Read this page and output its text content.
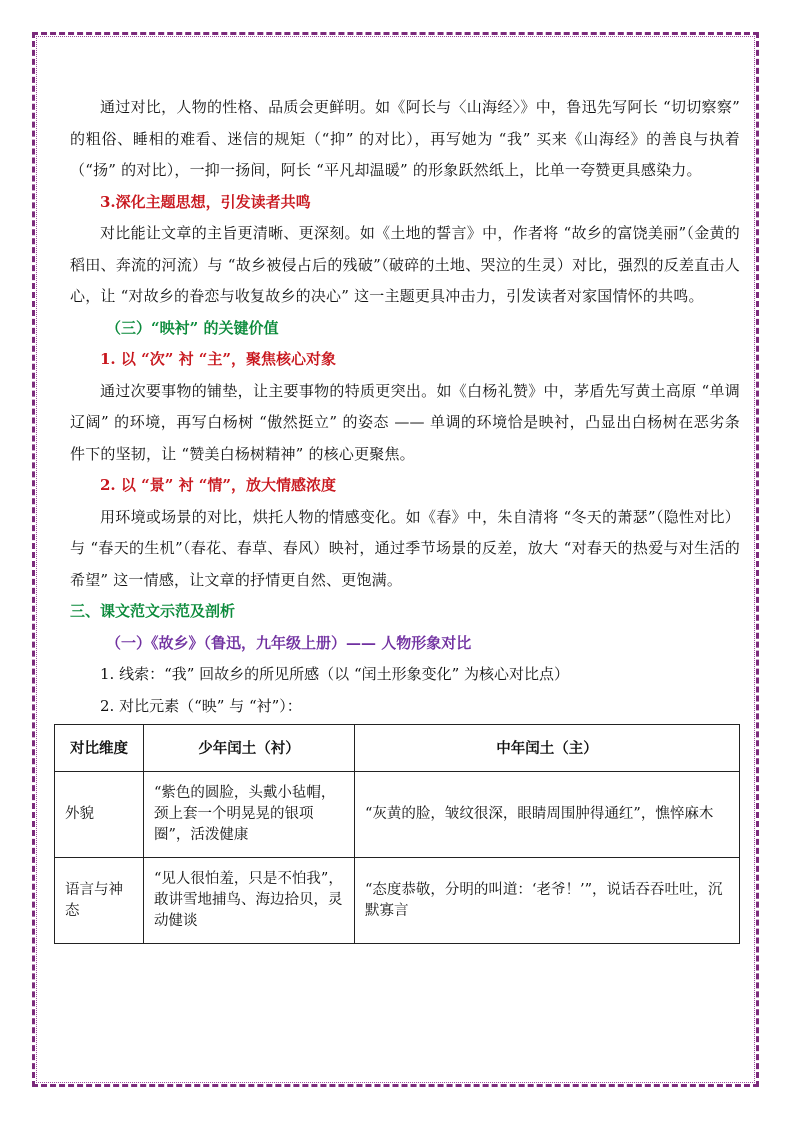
通过对比，人物的性格、品质会更鲜明。如《阿长与〈山海经〉》中，鲁迅先写阿长 “切切察察” 的粗俗、睡相的难看、迷信的规矩（“抑” 的对比），再写她为 “我” 买来《山海经》的善良与执着（“扬” 的对比），一抑一扬间，阿长 “平凡却温暖” 的形象跃然纸上，比单一夸赞更具感染力。

3.深化主题思想，引发读者共鸣

对比能让文章的主旨更清晰、更深刻。如《土地的誓言》中，作者将 “故乡的富饶美丽”（金黄的稻田、奔流的河流）与 “故乡被侵占后的残破”（破碎的土地、哭泣的生灵）对比，强烈的反差直击人心，让 “对故乡的眷恋与收复故乡的决心” 这一主题更具冲击力，引发读者对家国情怀的共鸣。

（三）“映衬” 的关键价值

1. 以 “次” 衬 “主”，聚焦核心对象

通过次要事物的铺垫，让主要事物的特质更突出。如《白杨礼赞》中，茅盾先写黄土高原 “单调辽阔” 的环境，再写白杨树 “傲然挺立” 的姿态 —— 单调的环境恰是映衬，凸显出白杨树在恶劣条件下的坚韧，让 “赞美白杨树精神” 的核心更聚焦。

2. 以 “景” 衬 “情”，放大情感浓度

用环境或场景的对比，烘托人物的情感变化。如《春》中，朱自清将 “冬天的萧瑟”（隐性对比）与 “春天的生机”（春花、春草、春风）映衬，通过季节场景的反差，放大 “对春天的热爱与对生活的希望” 这一情感，让文章的抒情更自然、更饱满。

三、课文范文示范及剖析

（一）《故乡》（鲁迅，九年级上册）—— 人物形象对比

1. 线索：“我” 回故乡的所见所感（以 “闰土形象变化” 为核心对比点）

2. 对比元素（“映” 与 “衬”）：

对比维度	少年闰土（衬）	中年闰土（主）
外貌	“紫色的圆脸，头戴小毡帽，颈上套一个明晃晃的银项圈”，活泼健康	“灰黄的脸，皱纹很深，眼睛周围肿得通红”，憔悴麻木
语言与神态	“见人很怕羞，只是不怕我”，敢讲雪地捕鸟、海边拾贝，灵动健谈	“态度恭敬，分明的叫道：‘老爷！’”，说话吞吞吐吐，沉默寡言
